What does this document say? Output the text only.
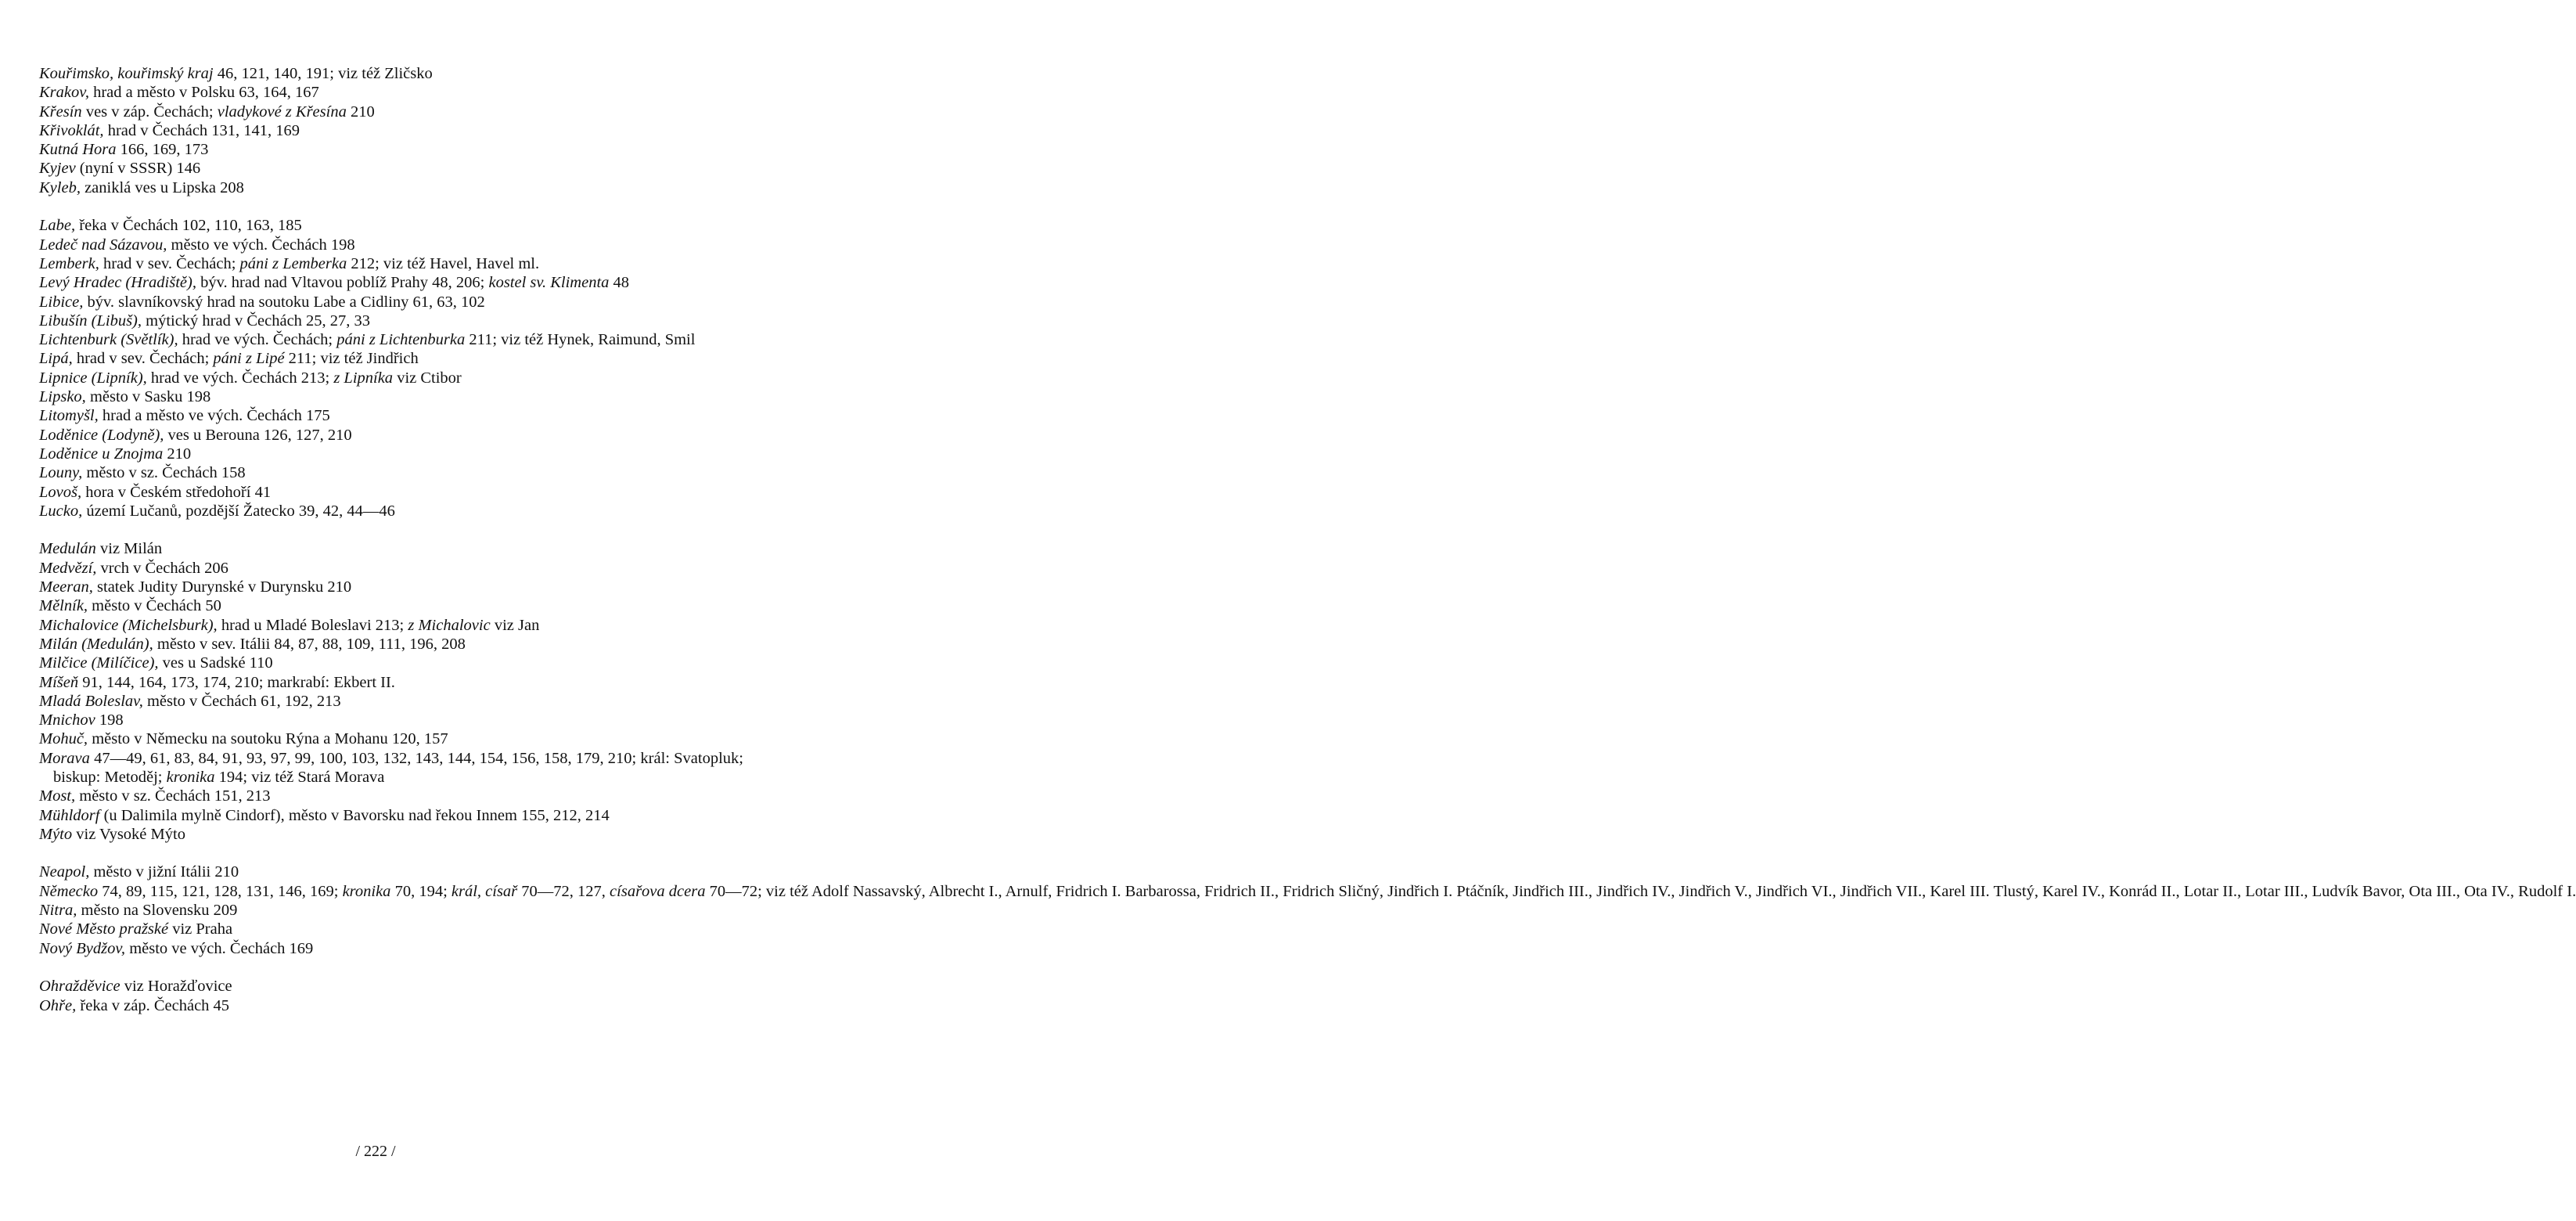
Kouřimsko, kouřimský kraj 46, 121, 140, 191; viz též Zličsko
Krakov, hrad a město v Polsku 63, 164, 167
Křesín ves v záp. Čechách; vladykové z Křesína 210
Křivoklát, hrad v Čechách 131, 141, 169
Kutná Hora 166, 169, 173
Kyjev (nyní v SSSR) 146
Kyleb, zaniklá ves u Lipska 208
Labe, řeka v Čechách 102, 110, 163, 185
Ledeč nad Sázavou, město ve vých. Čechách 198
Lemberk, hrad v sev. Čechách; páni z Lemberka 212; viz též Havel, Havel ml.
Levý Hradec (Hradiště), býv. hrad nad Vltavou poblíž Prahy 48, 206; kostel sv. Klimenta 48
Libice, býv. slavníkovský hrad na soutoku Labe a Cidliny 61, 63, 102
Libušín (Libuš), mýtický hrad v Čechách 25, 27, 33
Lichtenburk (Světlík), hrad ve vých. Čechách; páni z Lichtenburka 211; viz též Hynek, Raimund, Smil
Lipá, hrad v sev. Čechách; páni z Lipé 211; viz též Jindřich
Lipnice (Lipník), hrad ve vých. Čechách 213; z Lipníka viz Ctibor
Lipsko, město v Sasku 198
Litomyšl, hrad a město ve vých. Čechách 175
Loděnice (Lodyně), ves u Berouna 126, 127, 210
Loděnice u Znojma 210
Louny, město v sz. Čechách 158
Lovoš, hora v Českém středohoří 41
Lucko, území Lučanů, pozdější Žatecko 39, 42, 44—46
Medulán viz Milán
Medvězí, vrch v Čechách 206
Meeran, statek Judity Durynské v Durynsku 210
Mělník, město v Čechách 50
Michalovice (Michelsburk), hrad u Mladé Boleslavi 213; z Michalovic viz Jan
Milán (Medulán), město v sev. Itálii 84, 87, 88, 109, 111, 196, 208
Milčice (Milíčice), ves u Sadské 110
Míšeň 91, 144, 164, 173, 174, 210; markrabí: Ekbert II.
Mladá Boleslav, město v Čechách 61, 192, 213
Mnichov 198
Mohuč, město v Německu na soutoku Rýna a Mohanu 120, 157
Morava 47—49, 61, 83, 84, 91, 93, 97, 99, 100, 103, 132, 143, 144, 154, 156, 158, 179, 210; král: Svatopluk; biskup: Metoděj; kronika 194; viz též Stará Morava
Most, město v sz. Čechách 151, 213
Mühldorf (u Dalimila mylně Cindorf), město v Bavorsku nad řekou Innem 155, 212, 214
Mýto viz Vysoké Mýto
Neapol, město v jižní Itálii 210
Německo 74, 89, 115, 121, 128, 131, 146, 169; kronika 70, 194; král, císař 70—72, 127, císařova dcera 70—72; viz též Adolf Nassavský, Albrecht I., Arnulf, Fridrich I. Barbarossa, Fridrich II., Fridrich Sličný, Jindřich I. Ptáčník, Jindřich III., Jindřich IV., Jindřich V., Jindřich VI., Jindřich VII., Karel III. Tlustý, Karel IV., Konrád II., Lotar II., Lotar III., Ludvík Bavor, Ota III., Ota IV., Rudolf I.
Nitra, město na Slovensku 209
Nové Město pražské viz Praha
Nový Bydžov, město ve vých. Čechách 169
Ohražděvice viz Horažďovice
Ohře, řeka v záp. Čechách 45
/ 222 /
